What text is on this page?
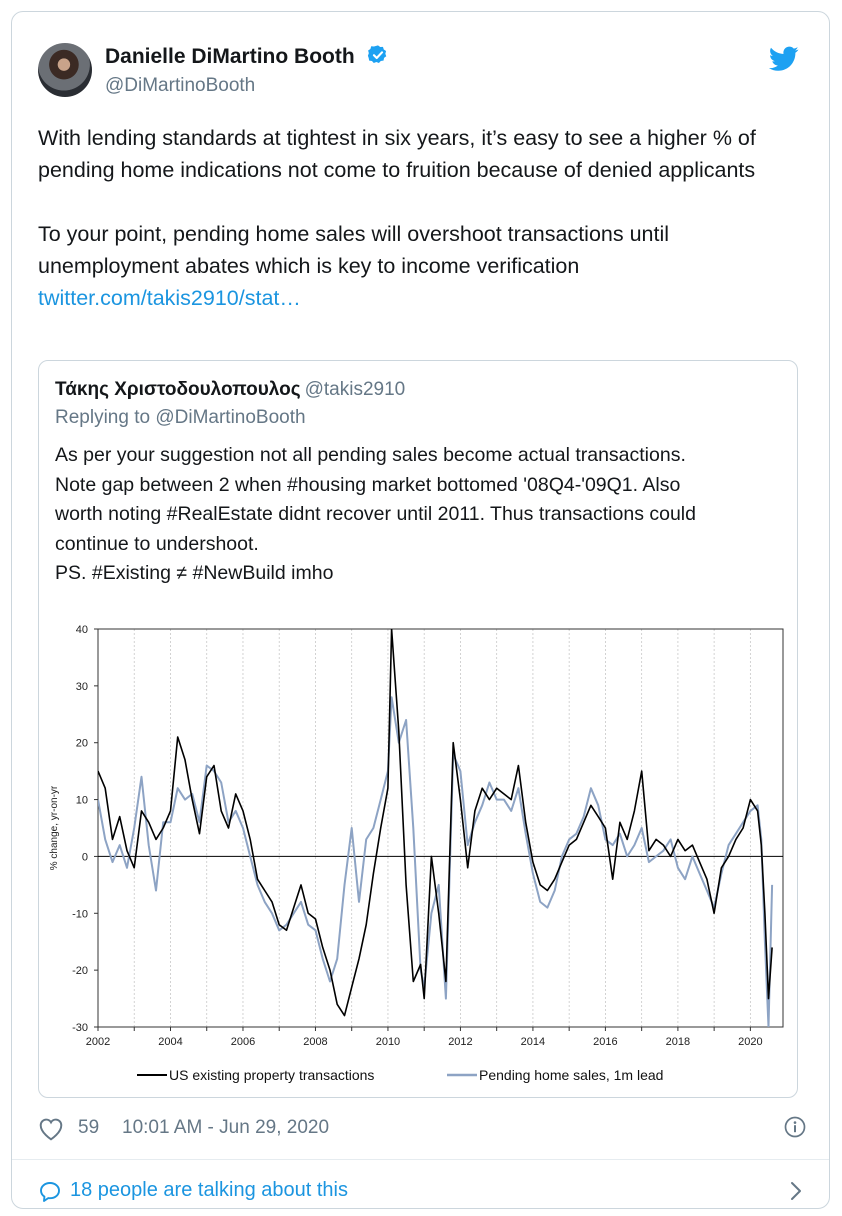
Danielle DiMartino Booth
@DiMartinoBooth

With lending standards at tightest in six years, it’s easy to see a higher % of pending home indications not come to fruition because of denied applicants

To your point, pending home sales will overshoot transactions until unemployment abates which is key to income verification

twitter.com/takis2910/stat…

Τάκης Χριστοδουλοπουλος @takis2910
Replying to @DiMartinoBooth

As per your suggestion not all pending sales become actual transactions.

Note gap between 2 when #housing market bottomed '08Q4-'09Q1. Also

worth noting #RealEstate didnt recover until 2011. Thus transactions could

continue to undershoot.

PS. #Existing ≠ #NewBuild imho

40
30
20
10
0
-10
-20
-30
2002	2004	2006	2008	2010	2012	2014	2016	2018	2020
% change, yr-on-yr
US existing property transactions	Pending home sales, 1m lead
59 10:01 AM - Jun 29, 2020
18 people are talking about this
